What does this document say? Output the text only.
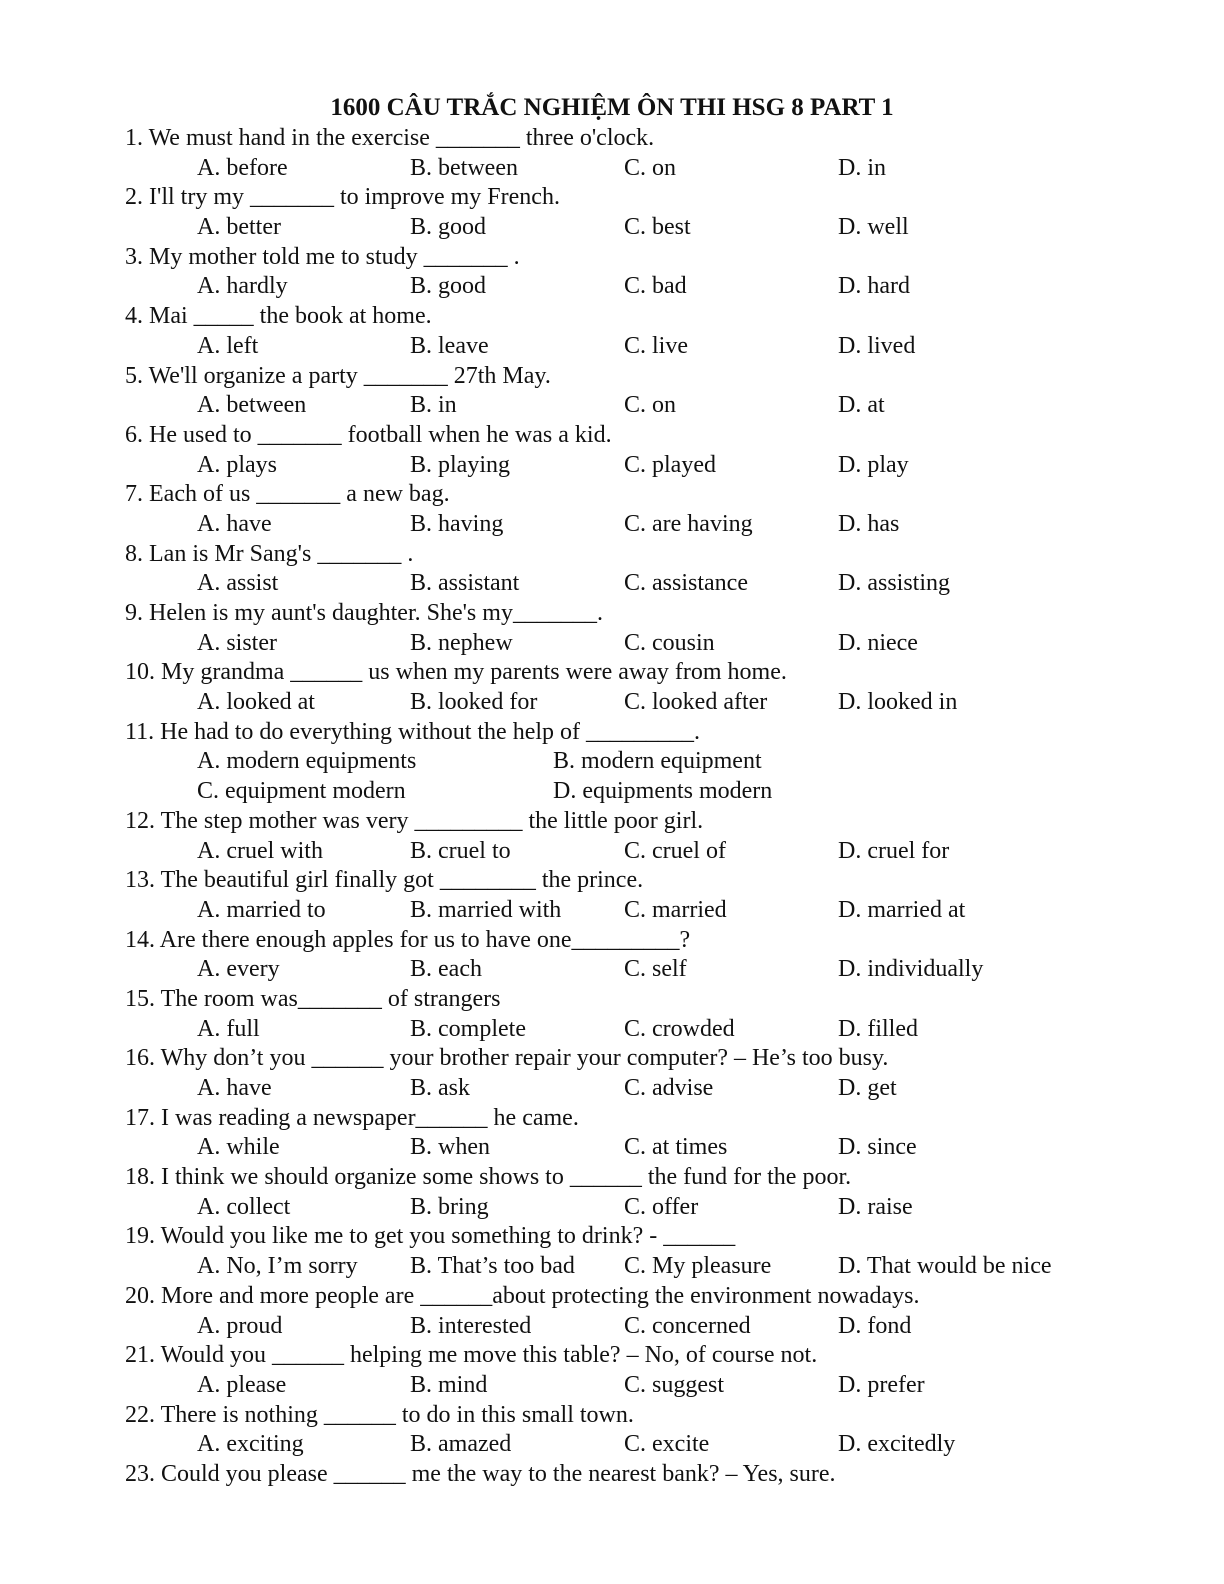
1600 CÂU TRẮC NGHIỆM ÔN THI HSG 8 PART 1
1. We must hand in the exercise _______ three o'clock.
A. before	B. between	C. on	D. in
2. I'll try my _______ to improve my French.
A. better	B. good	C. best	D. well
3. My mother told me to study _______ .
A. hardly	B. good	C. bad	D. hard
4. Mai _____ the book at home.
A. left	B. leave	C. live	D. lived
5. We'll organize a party _______ 27th May.
A. between	B. in	C. on	D. at
6. He used to _______ football when he was a kid.
A. plays	B. playing	C. played	D. play
7. Each of us _______ a new bag.
A. have	B. having	C. are having	D. has
8. Lan is Mr Sang's _______ .
A. assist	B. assistant	C. assistance	D. assisting
9. Helen is my aunt's daughter. She's my_______.
A. sister	B. nephew	C. cousin	D. niece
10. My grandma ______ us when my parents were away from home.
A. looked at	B. looked for	C. looked after	D. looked in
11. He had to do everything without the help of _________.
A. modern equipments	B. modern equipment
C. equipment modern	D. equipments modern
12. The step mother was very _________ the little poor girl.
A. cruel with	B. cruel to	C. cruel of	D. cruel for
13. The beautiful girl finally got ________ the prince.
A. married to	B. married with	C. married	D. married at
14. Are there enough apples for us to have one_________?
A. every	B. each	C. self	D. individually
15. The room was_______ of strangers
A. full	B. complete	C. crowded	D. filled
16. Why don’t you ______ your brother repair your computer? – He’s too busy.
A. have	B. ask	C. advise	D. get
17. I was reading a newspaper______ he came.
A. while	B. when	C. at times	D. since
18. I think we should organize some shows to ______ the fund for the poor.
A. collect	B. bring	C. offer	D. raise
19. Would you like me to get you something to drink? - ______
A. No, I’m sorry B. That’s too bad C. My pleasure	D. That would be nice
20. More and more people are ______about protecting the environment nowadays.
A. proud	B. interested	C. concerned	D. fond
21. Would you ______ helping me move this table? – No, of course not.
A. please	B. mind	C. suggest	D. prefer
22. There is nothing ______ to do in this small town.
A. exciting	B. amazed	C. excite	D. excitedly
23. Could you please ______ me the way to the nearest bank? – Yes, sure.
